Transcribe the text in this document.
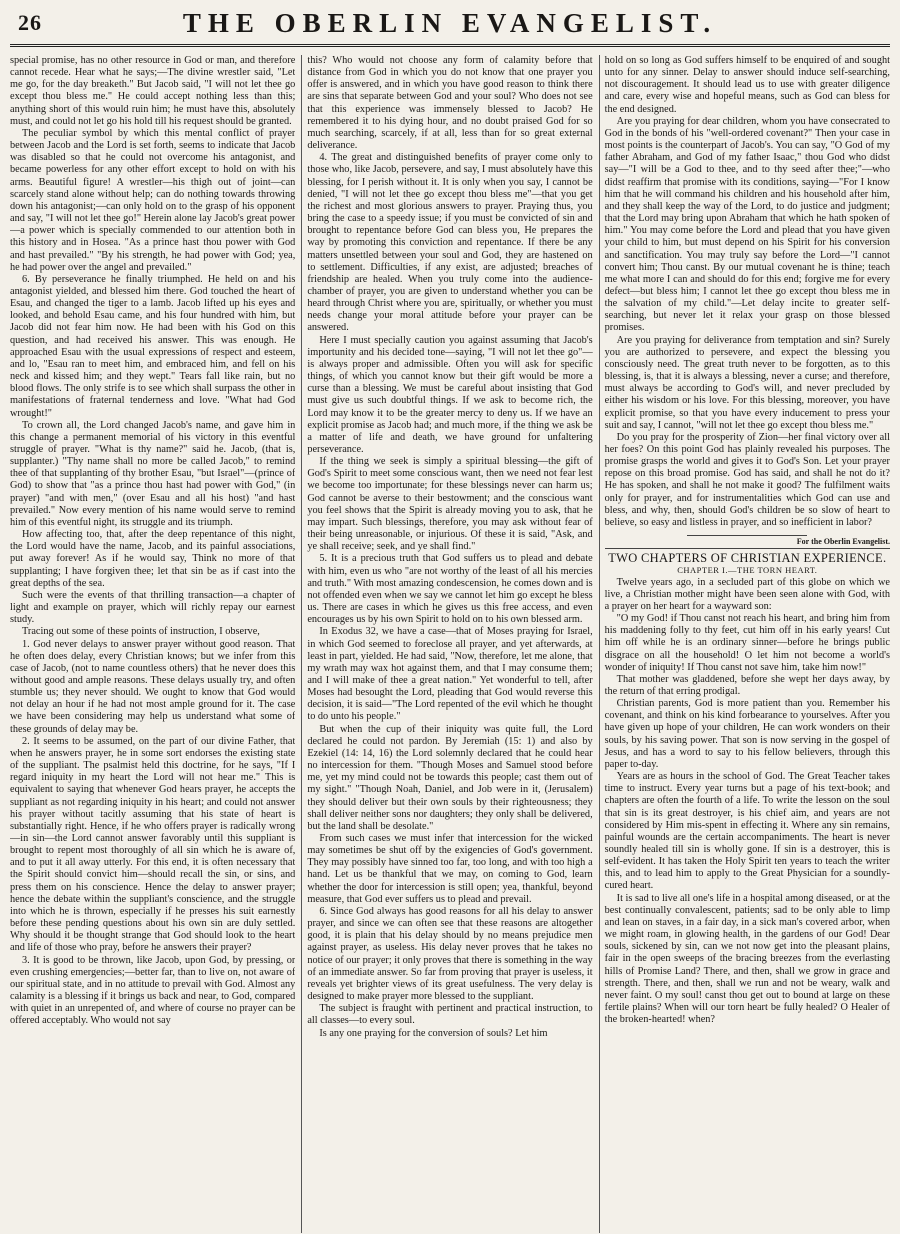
26	THE OBERLIN EVANGELIST.

special promise, has no other resource in God or man, and therefore cannot recede. Hear what he says;—The divine wrestler said, "Let me go, for the day breaketh." But Jacob said, "I will not let thee go except thou bless me." He could accept nothing less than this; anything short of this would ruin him; he must have this, absolutely must, and could not let go his hold till his request should be granted.

The peculiar symbol by which this mental conflict of prayer between Jacob and the Lord is set forth, seems to indicate that Jacob was disabled so that he could not overcome his antagonist, and became powerless for any other effort except to hold on with his arms. Beautiful figure! A wrestler—his thigh out of joint—can scarcely stand alone without help; can do nothing towards throwing down his antagonist;—can only hold on to the grasp of his opponent and say, "I will not let thee go!" Herein alone lay Jacob's great power—a power which is specially commended to our attention both in this history and in Hosea. "As a prince hast thou power with God and hast prevailed." "By his strength, he had power with God; yea, he had power over the angel and prevailed."

6. By perseverance he finally triumphed. He held on and his antagonist yielded, and blessed him there. God touched the heart of Esau, and changed the tiger to a lamb. Jacob lifted up his eyes and looked, and behold Esau came, and his four hundred with him, but Jacob did not fear him now. He had been with his God on this question, and had received his answer. This was enough. He approached Esau with the usual expressions of respect and esteem, and lo, "Esau ran to meet him, and embraced him, and fell on his neck and kissed him; and they wept." Tears fall like rain, but no blood flows. The only strife is to see which shall surpass the other in manifestations of fraternal tenderness and love. "What had God wrought!"

To crown all, the Lord changed Jacob's name, and gave him in this change a permanent memorial of his victory in this eventful struggle of prayer. "What is thy name?" said he. Jacob, (that is, supplanter.) "Thy name shall no more be called Jacob," to remind thee of that supplanting of thy brother Esau, "but Israel"—(prince of God) to show that "as a prince thou hast had power with God," (in prayer) "and with men," (over Esau and all his host) "and hast prevailed." Now every mention of his name would serve to remind him of this eventful night, its struggle and its triumph.

How affecting too, that, after the deep repentance of this night, the Lord would have the name, Jacob, and its painful associations, put away forever! As if he would say, Think no more of that supplanting; I have forgiven thee; let that sin be as if cast into the great depths of the sea.

Such were the events of that thrilling transaction—a chapter of light and example on prayer, which will richly repay our earnest study.

Tracing out some of these points of instruction, I observe,

1. God never delays to answer prayer without good reason. That he often does delay, every Christian knows; but we infer from this case of Jacob, (not to name countless others) that he never does this without good and ample reasons. These delays usually try, and often stumble us; they never should. We ought to know that God would not delay an hour if he had not most ample ground for it. The case we have been considering may help us understand what some of these grounds of delay may be.

2. It seems to be assumed, on the part of our divine Father, that when he answers prayer, he in some sort endorses the existing state of the suppliant. The psalmist held this doctrine, for he says, "If I regard iniquity in my heart the Lord will not hear me." This is equivalent to saying that whenever God hears prayer, he accepts the suppliant as not regarding iniquity in his heart; and could not answer his prayer without tacitly assuming that his state of heart is substantially right. Hence, if he who offers prayer is radically wrong—in sin—the Lord cannot answer favorably until this suppliant is brought to repent most thoroughly of all sin which he is aware of, and to put it all away utterly. For this end, it is often necessary that the Spirit should convict him—should recall the sin, or sins, and press them on his conscience. Hence the delay to answer prayer; hence the debate within the suppliant's conscience, and the struggle into which he is thrown, especially if he presses his suit earnestly before these pending questions about his own sin are duly settled. Why should it be thought strange that God should look to the heart and life of those who pray, before he answers their prayer?

3. It is good to be thrown, like Jacob, upon God, by pressing, or even crushing emergencies;—better far, than to live on, not aware of our spiritual state, and in no attitude to prevail with God. Almost any calamity is a blessing if it brings us back and near, to God, compared with quiet in an unrepented of, and where of course no prayer can be offered acceptably. Who would not say

this? Who would not choose any form of calamity before that distance from God in which you do not know that one prayer you offer is answered, and in which you have good reason to think there are sins that separate between God and your soul? Who does not see that this experience was immensely blessed to Jacob? He remembered it to his dying hour, and no doubt praised God for so much searching, scarcely, if at all, less than for so great external deliverance.

4. The great and distinguished benefits of prayer come only to those who, like Jacob, persevere, and say, I must absolutely have this blessing, for I perish without it. It is only when you say, I cannot be denied, "I will not let thee go except thou bless me"—that you get the richest and most glorious answers to prayer. Praying thus, you bring the case to a speedy issue; if you must be convicted of sin and brought to repentance before God can bless you, He prepares the way by promoting this conviction and repentance. If there be any matters unsettled between your soul and God, they are hastened on to settlement. Difficulties, if any exist, are adjusted; breaches of friendship are healed. When you truly come into the audience-chamber of prayer, you are given to understand whether you can be heard through Christ where you are, spiritually, or whether you must needs change your moral attitude before your prayer can be answered.

Here I must specially caution you against assuming that Jacob's importunity and his decided tone—saying, "I will not let thee go"—is always proper and admissible. Often you will ask for specific things, of which you cannot know but their gift would be more a curse than a blessing. We must be careful about insisting that God must give us such doubtful things. If we ask to become rich, the Lord may know it to be the greater mercy to deny us. If we have an explicit promise as Jacob had; and much more, if the thing we ask be a matter of life and death, we have ground for unfaltering perseverance.

If the thing we seek is simply a spiritual blessing—the gift of God's Spirit to meet some conscious want, then we need not fear lest we become too importunate; for these blessings never can harm us; God cannot be averse to their bestowment; and the conscious want you feel shows that the Spirit is already moving you to ask, that he may impart. Such blessings, therefore, you may ask without fear of their being unreasonable, or injurious. Of these it is said, "Ask, and ye shall receive; seek, and ye shall find."

5. It is a precious truth that God suffers us to plead and debate with him, even us who "are not worthy of the least of all his mercies and truth." With most amazing condescension, he comes down and is not offended even when we say we cannot let him go except he bless us. There are cases in which he gives us this free access, and even encourages us by his own Spirit to hold on to his own blessed arm.

In Exodus 32, we have a case—that of Moses praying for Israel, in which God seemed to foreclose all prayer, and yet afterwards, at least in part, yielded. He had said, "Now, therefore, let me alone, that my wrath may wax hot against them, and that I may consume them; and I will make of thee a great nation." Yet wonderful to tell, after Moses had besought the Lord, pleading that God would reverse this decision, it is said—"The Lord repented of the evil which he thought to do unto his people."

But when the cup of their iniquity was quite full, the Lord declared he could not pardon. By Jeremiah (15: 1) and also by Ezekiel (14: 14, 16) the Lord solemnly declared that he could hear no intercession for them. "Though Moses and Samuel stood before me, yet my mind could not be towards this people; cast them out of my sight." "Though Noah, Daniel, and Job were in it, (Jerusalem) they should deliver but their own souls by their righteousness; they shall deliver neither sons nor daughters; they only shall be delivered, but the land shall be desolate."

From such cases we must infer that intercession for the wicked may sometimes be shut off by the exigencies of God's government. They may possibly have sinned too far, too long, and with too high a hand. Let us be thankful that we may, on coming to God, learn whether the door for intercession is still open; yea, thankful, beyond measure, that God ever suffers us to plead and prevail.

6. Since God always has good reasons for all his delay to answer prayer, and since we can often see that these reasons are altogether good, it is plain that his delay should by no means prejudice men against prayer, as useless. His delay never proves that he takes no notice of our prayer; it only proves that there is something in the way of an immediate answer. So far from proving that prayer is useless, it reveals yet brighter views of its great usefulness. The very delay is designed to make prayer more blessed to the suppliant.

The subject is fraught with pertinent and practical instruction, to all classes—to every soul.

Is any one praying for the conversion of souls? Let him

hold on so long as God suffers himself to be enquired of and sought unto for any sinner. Delay to answer should induce self-searching, not discouragement. It should lead us to use with greater diligence and care, every wise and hopeful means, such as God can bless for the end designed.

Are you praying for dear children, whom you have consecrated to God in the bonds of his "well-ordered covenant?" Then your case in most points is the counterpart of Jacob's. You can say, "O God of my father Abraham, and God of my father Isaac," thou God who didst say—"I will be a God to thee, and to thy seed after thee;"—who didst reaffirm that promise with its conditions, saying—"For I know him that he will command his children and his household after him, and they shall keep the way of the Lord, to do justice and judgment; that the Lord may bring upon Abraham that which he hath spoken of him." You may come before the Lord and plead that you have given your child to him, but must depend on his Spirit for his conversion and sanctification. You may truly say before the Lord—"I cannot convert him; Thou canst. By our mutual covenant he is thine; teach me what more I can and should do for this end; forgive me for every defect—but bless him; I cannot let thee go except thou bless me in the salvation of my child."—Let delay incite to greater self-searching, but never let it relax your grasp on those blessed promises.

Are you praying for deliverance from temptation and sin? Surely you are authorized to persevere, and expect the blessing you consciously need. The great truth never to be forgotten, as to this blessing, is, that it is always a blessing, never a curse; and therefore, must always be according to God's will, and never precluded by either his wisdom or his love. For this blessing, moreover, you have explicit promise, so that you have every inducement to press your suit and say, I cannot, "will not let thee go except thou bless me."

Do you pray for the prosperity of Zion—her final victory over all her foes? On this point God has plainly revealed his purposes. The promise grasps the world and gives it to God's Son. Let your prayer repose on this broad promise. God has said, and shall he not do it? He has spoken, and shall he not make it good? The fulfilment waits only for prayer, and for instrumentalities which God can use and bless, and why, then, should God's children be so slow of heart to believe, so easy and listless in prayer, and so inefficient in labor?

For the Oberlin Evangelist.

TWO CHAPTERS OF CHRISTIAN EXPERIENCE.

CHAPTER I.—THE TORN HEART.

Twelve years ago, in a secluded part of this globe on which we live, a Christian mother might have been seen alone with God, with a prayer on her heart for a wayward son:

"O my God! if Thou canst not reach his heart, and bring him from his maddening folly to thy feet, cut him off in his early years! Cut him off while he is an ordinary sinner—before he brings public disgrace on all the household! O let him not become a world's wonder of iniquity! If Thou canst not save him, take him now!"

That mother was gladdened, before she wept her days away, by the return of that erring prodigal.

Christian parents, God is more patient than you. Remember his covenant, and think on his kind forbearance to yourselves. After you have given up hope of your children, He can work wonders on their souls, by his saving power. That son is now serving in the gospel of Jesus, and has a word to say to his fellow believers, through this paper to-day.

Years are as hours in the school of God. The Great Teacher takes time to instruct. Every year turns but a page of his text-book; and chapters are often the fourth of a life. To write the lesson on the soul that sin is its great destroyer, is his chief aim, and years are not considered by Him mis-spent in effecting it. Where any sin remains, painful wounds are the certain accompaniments. The heart is never soundly healed till sin is wholly gone. If sin is a destroyer, this is self-evident. It has taken the Holy Spirit ten years to teach the writer this, and to lead him to apply to the Great Physician for a soundly-cured heart.

It is sad to live all one's life in a hospital among diseased, or at the best continually convalescent, patients; sad to be only able to limp and lean on staves, in a fair day, in a sick man's covered arbor, when we might roam, in glowing health, in the gardens of our God! Dear souls, sickened by sin, can we not now get into the pleasant plains, fair in the open sweeps of the bracing breezes from the everlasting hills of Promise Land? There, and then, shall we grow in grace and strength. There, and then, shall we run and not be weary, walk and never faint. O my soul! canst thou get out to bound at large on these fertile plains? When will our torn heart be fully healed? O Healer of the broken-hearted! when?
